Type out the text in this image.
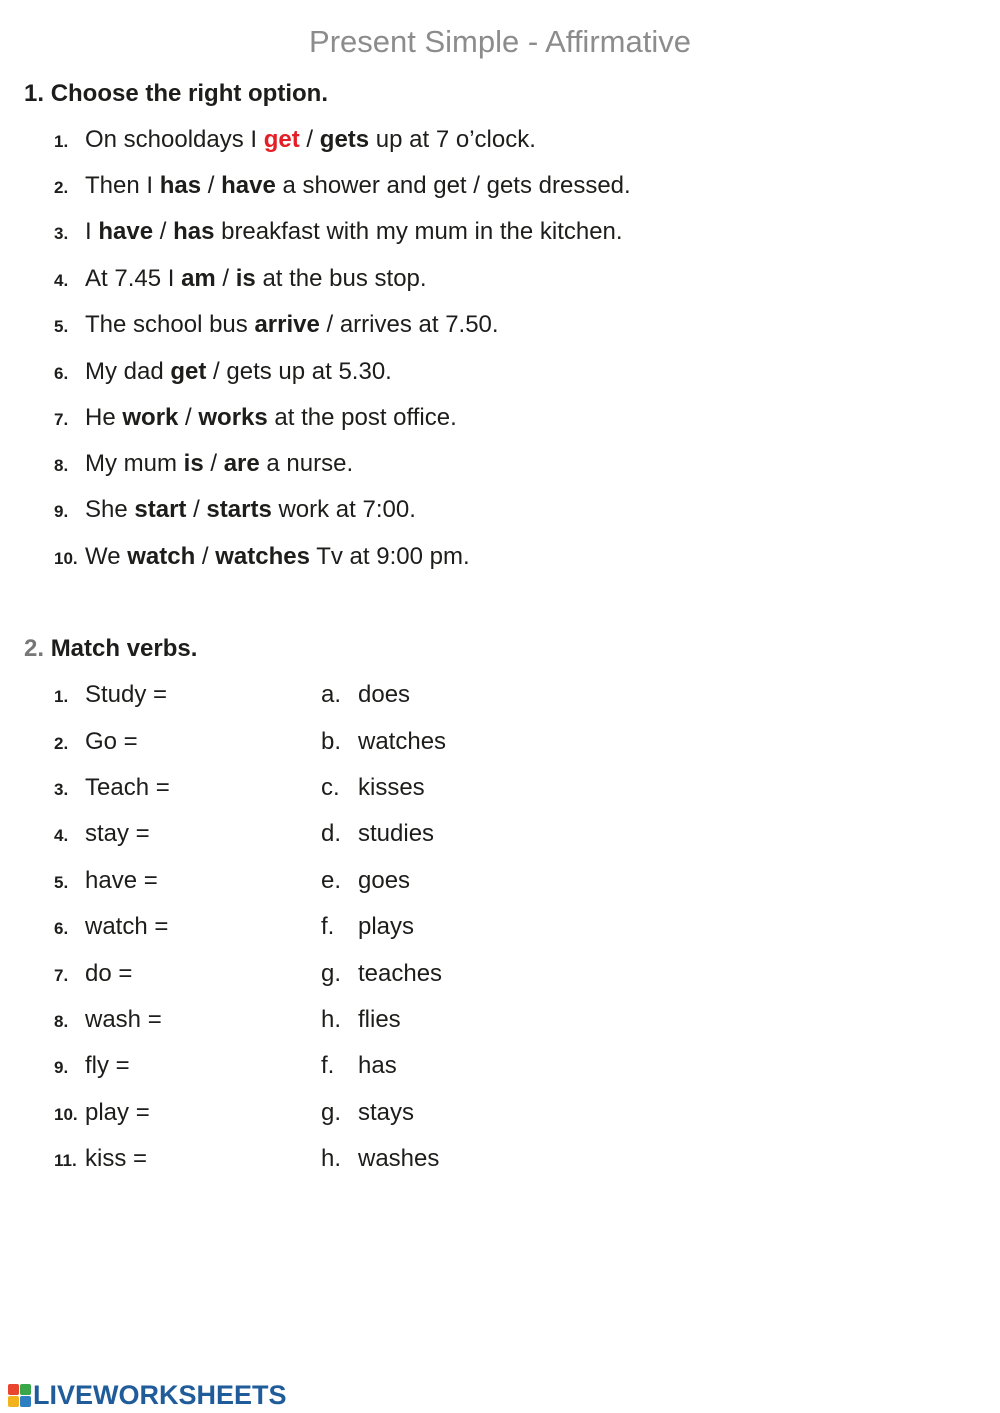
Present Simple - Affirmative
1. Choose the right option.
1. On schooldays I get / gets up at 7 o’clock.
2. Then I has / have a shower and get / gets dressed.
3. I have / has breakfast with my mum in the kitchen.
4. At 7.45 I am / is at the bus stop.
5. The school bus arrive / arrives at 7.50.
6. My dad get / gets up at 5.30.
7. He work / works at the post office.
8. My mum is / are a nurse.
9. She start / starts work at 7:00.
10. We watch / watches Tv at 9:00 pm.
2. Match verbs.
1. Study =	a. does
2. Go =	b. watches
3. Teach =	c. kisses
4. stay =	d. studies
5. have =	e. goes
6. watch =	f. plays
7. do =	g. teaches
8. wash =	h. flies
9. fly =	f. has
10. play =	g. stays
11. kiss =	h. washes
LIVEWORKSHEETS
